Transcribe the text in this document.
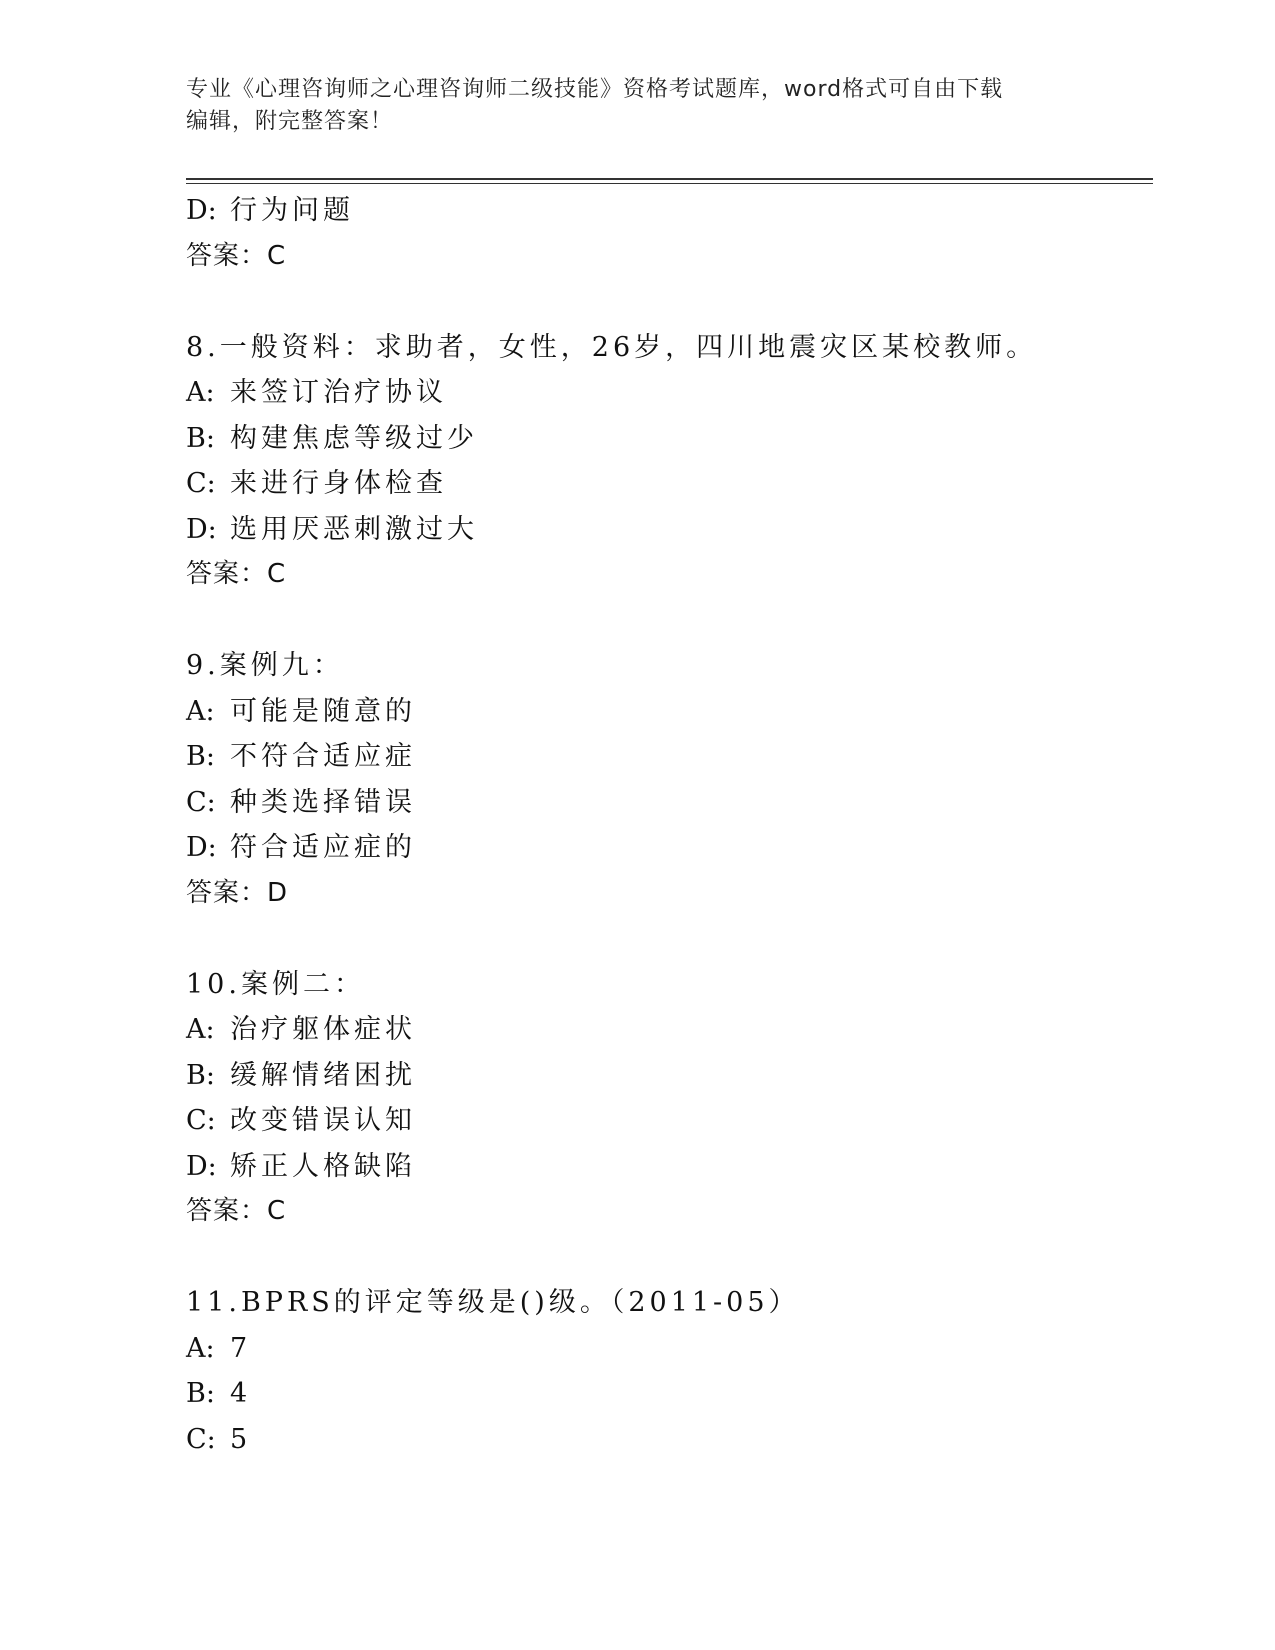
专业《心理咨询师之心理咨询师二级技能》资格考试题库，word格式可自由下载
编辑，附完整答案！
D: 行为问题
答案：C
8.一般资料：求助者，女性，26岁，四川地震灾区某校教师。
A: 来签订治疗协议
B: 构建焦虑等级过少
C: 来进行身体检查
D: 选用厌恶刺激过大
答案：C
9.案例九：
A: 可能是随意的
B: 不符合适应症
C: 种类选择错误
D: 符合适应症的
答案：D
10.案例二：
A: 治疗躯体症状
B: 缓解情绪困扰
C: 改变错误认知
D: 矫正人格缺陷
答案：C
11.BPRS的评定等级是()级。（2011-05）
A: 7
B: 4
C: 5
